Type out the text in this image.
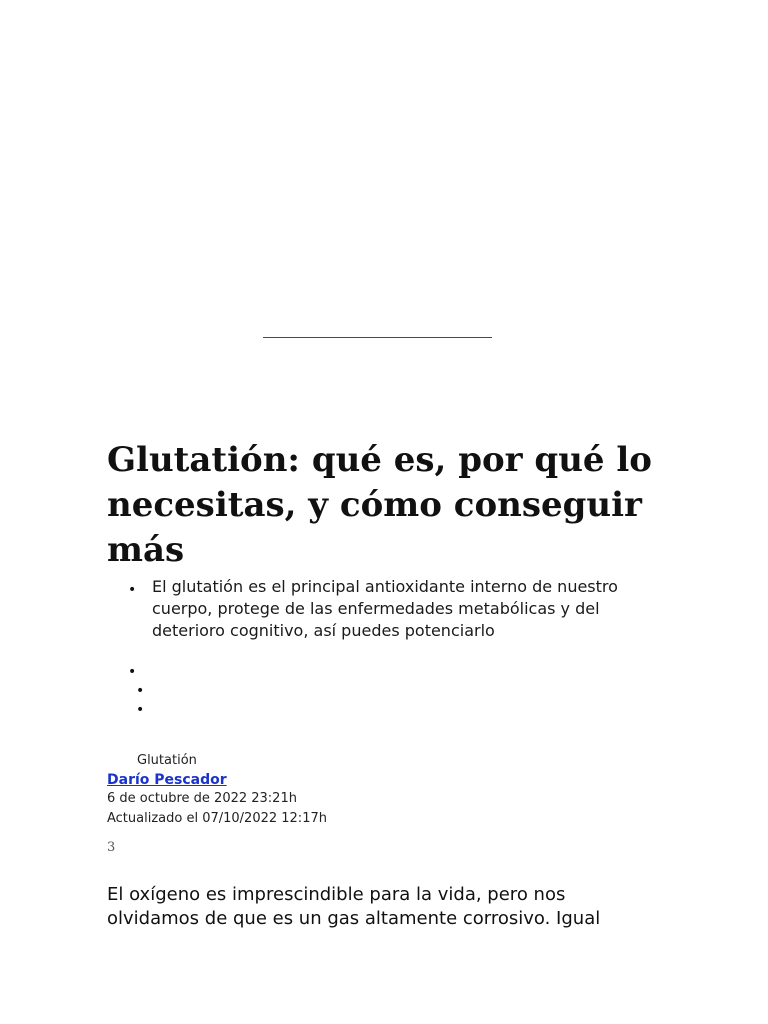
Glutatión: qué es, por qué lo necesitas, y cómo conseguir más
• El glutatión es el principal antioxidante interno de nuestro cuerpo, protege de las enfermedades metabólicas y del deterioro cognitivo, así puedes potenciarlo
•
•
•
Glutatión
Darío Pescador
6 de octubre de 2022 23:21h
Actualizado el 07/10/2022 12:17h
3

El oxígeno es imprescindible para la vida, pero nos olvidamos de que es un gas altamente corrosivo. Igual
